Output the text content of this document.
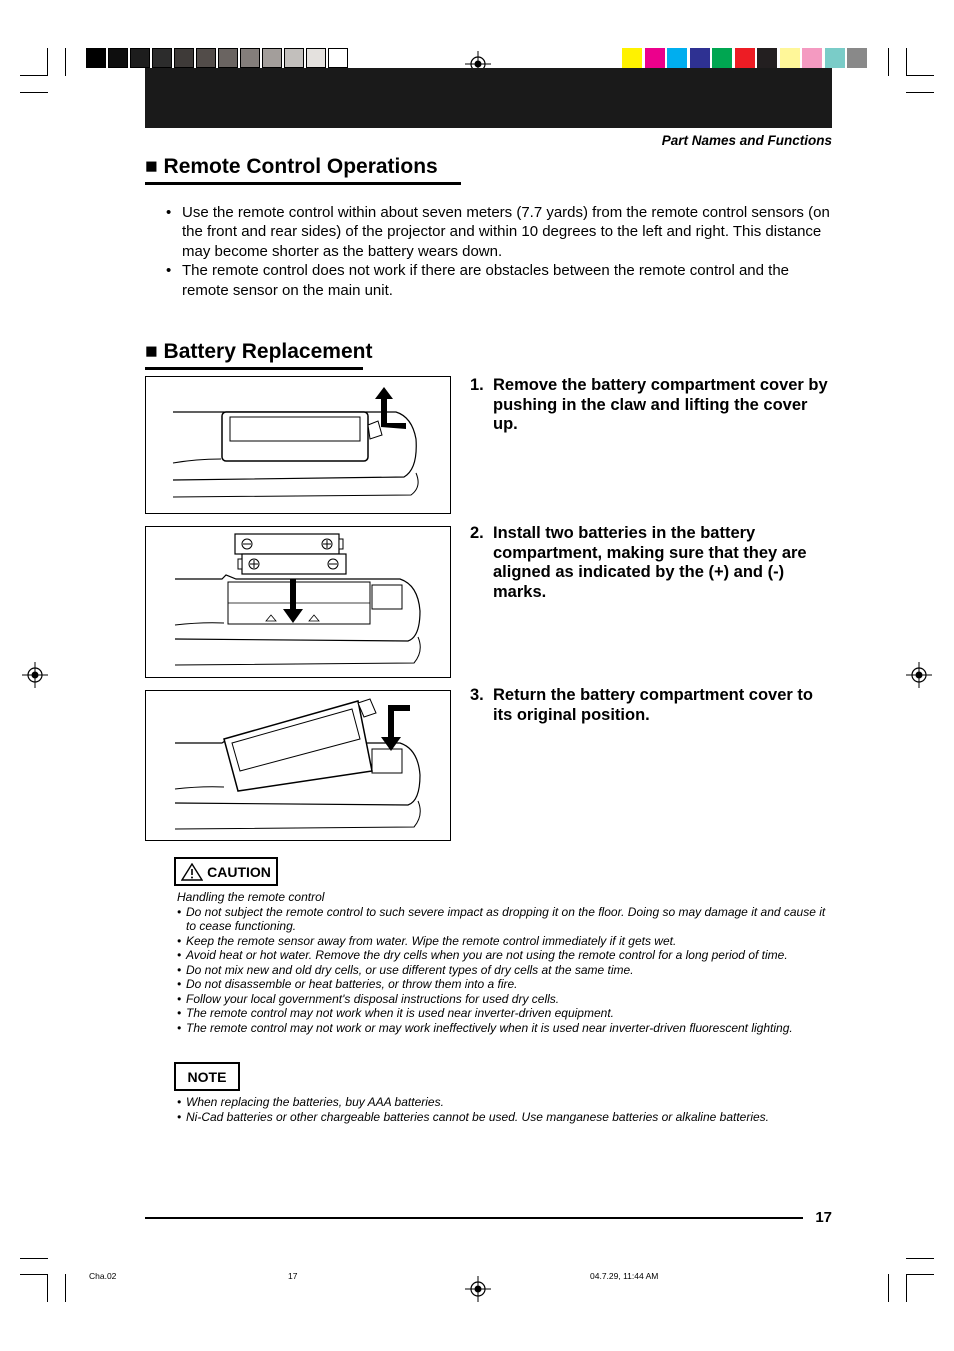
Part Names and Functions
■ Remote Control Operations
• Use the remote control within about seven meters (7.7 yards) from the remote control sensors (on the front and rear sides) of the projector and within 10 degrees to the left and right. This distance may become shorter as the battery wears down.
• The remote control does not work if there are obstacles between the remote control and the remote sensor on the main unit.
■ Battery Replacement
1. Remove the battery compartment cover by pushing in the claw and lifting the cover up.
2. Install two batteries in the battery compartment, making sure that they are aligned as indicated by the (+) and (-) marks.
3. Return the battery compartment cover to its original position.
CAUTION
Handling the remote control
• Do not subject the remote control to such severe impact as dropping it on the floor. Doing so may damage it and cause it to cease functioning.
• Keep the remote sensor away from water. Wipe the remote control immediately if it gets wet.
• Avoid heat or hot water. Remove the dry cells when you are not using the remote control for a long period of time.
• Do not mix new and old dry cells, or use different types of dry cells at the same time.
• Do not disassemble or heat batteries, or throw them into a fire.
• Follow your local government's disposal instructions for used dry cells.
• The remote control may not work when it is used near inverter-driven equipment.
• The remote control may not work or may work ineffectively when it is used near inverter-driven fluorescent lighting.
NOTE
• When replacing the batteries, buy AAA batteries.
• Ni-Cad batteries or other chargeable batteries cannot be used. Use manganese batteries or alkaline batteries.
17
Cha.02	17	04.7.29, 11:44 AM
